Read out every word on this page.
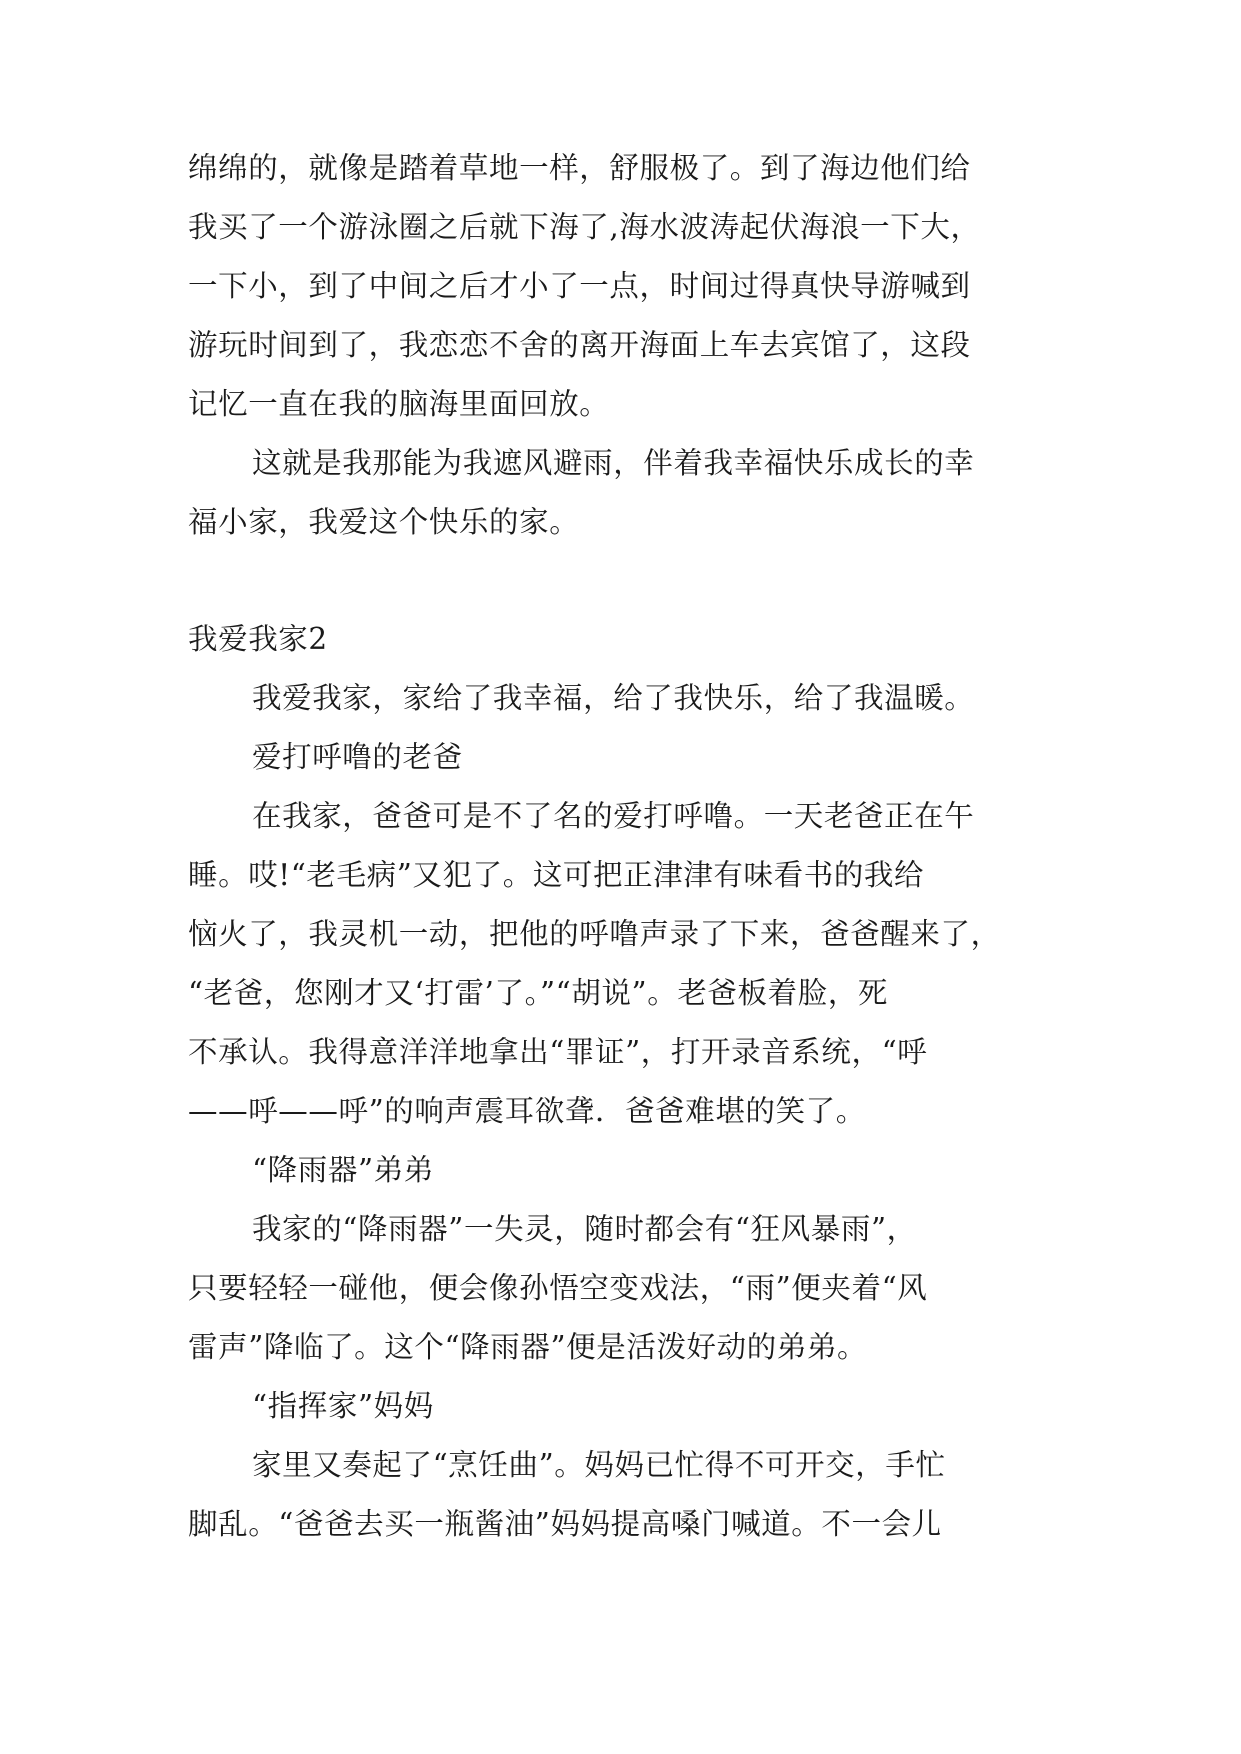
绵绵的，就像是踏着草地一样，舒服极了。到了海边他们给
我买了一个游泳圈之后就下海了,海水波涛起伏海浪一下大，
一下小，到了中间之后才小了一点，时间过得真快导游喊到
游玩时间到了，我恋恋不舍的离开海面上车去宾馆了，这段
记忆一直在我的脑海里面回放。
这就是我那能为我遮风避雨，伴着我幸福快乐成长的幸
福小家，我爱这个快乐的家。
我爱我家2
我爱我家，家给了我幸福，给了我快乐，给了我温暖。
爱打呼噜的老爸
在我家，爸爸可是不了名的爱打呼噜。一天老爸正在午
睡。哎!“老毛病”又犯了。这可把正津津有味看书的我给
恼火了，我灵机一动，把他的呼噜声录了下来，爸爸醒来了，
“老爸，您刚才又‘打雷’了。”“胡说”。老爸板着脸，死
不承认。我得意洋洋地拿出“罪证”，打开录音系统，“呼
——呼——呼”的响声震耳欲聋．爸爸难堪的笑了。
“降雨器”弟弟
我家的“降雨器”一失灵，随时都会有“狂风暴雨”，
只要轻轻一碰他，便会像孙悟空变戏法，“雨”便夹着“风
雷声”降临了。这个“降雨器”便是活泼好动的弟弟。
“指挥家”妈妈
家里又奏起了“烹饪曲”。妈妈已忙得不可开交，手忙
脚乱。“爸爸去买一瓶酱油”妈妈提高嗓门喊道。不一会儿
